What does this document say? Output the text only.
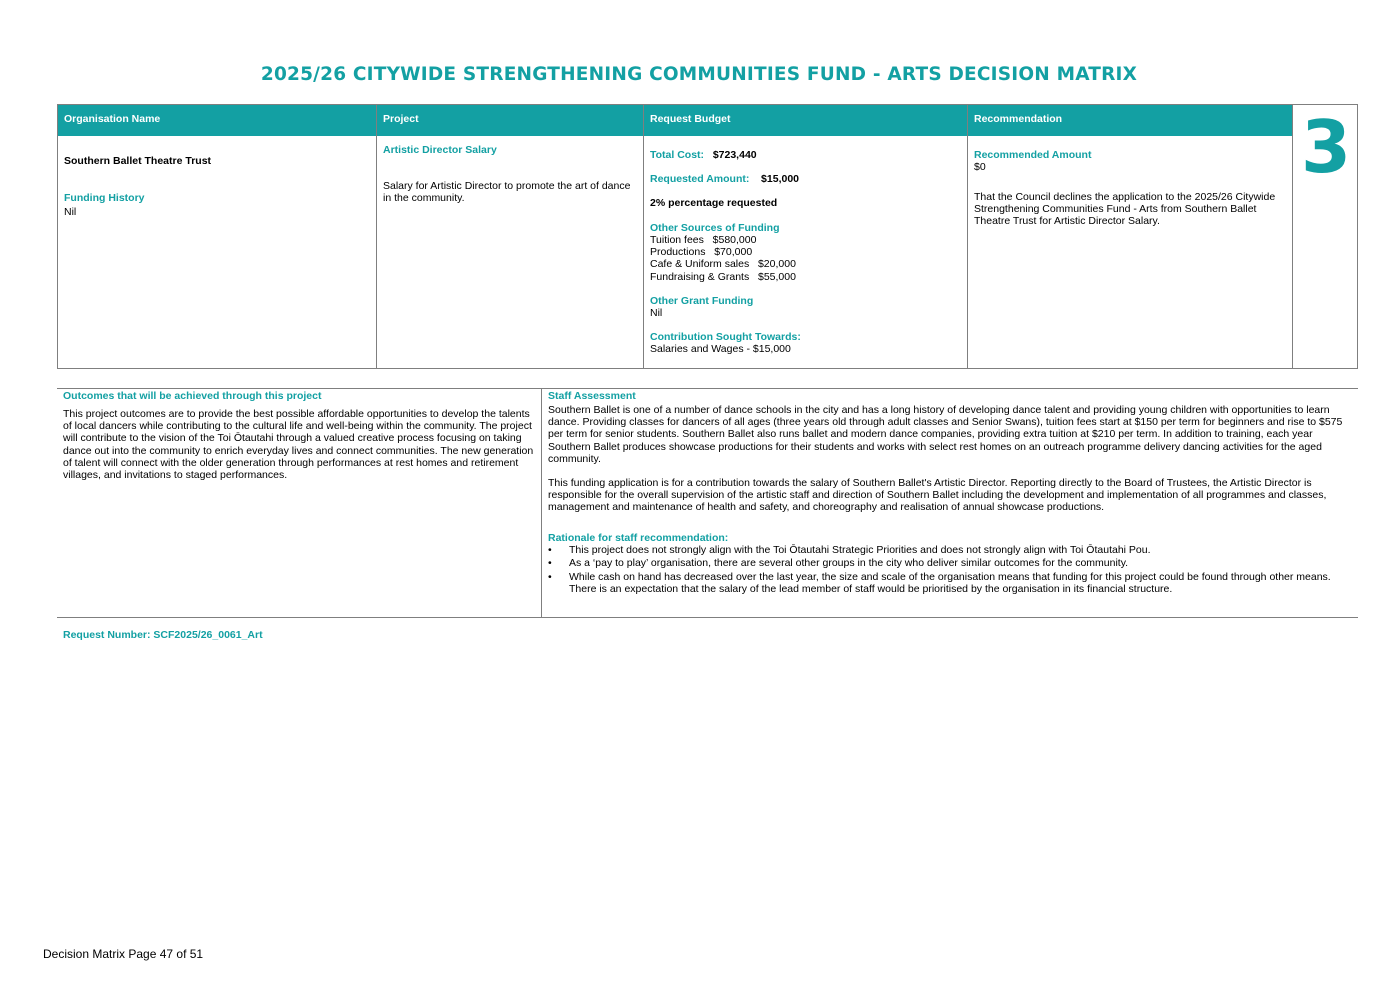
2025/26 CITYWIDE STRENGTHENING COMMUNITIES FUND - ARTS DECISION MATRIX
Organisation Name
Southern Ballet Theatre Trust
Funding History
Nil
Project
Artistic Director Salary
Salary for Artistic Director to promote the art of dance in the community.
Request Budget
Total Cost: $723,440
Requested Amount: $15,000
2% percentage requested
Other Sources of Funding
Tuition fees $580,000
Productions $70,000
Cafe & Uniform sales $20,000
Fundraising & Grants $55,000
Other Grant Funding
Nil
Contribution Sought Towards:
Salaries and Wages - $15,000
Recommendation
Recommended Amount
$0
That the Council declines the application to the 2025/26 Citywide Strengthening Communities Fund - Arts from Southern Ballet Theatre Trust for Artistic Director Salary.
3
Outcomes that will be achieved through this project
This project outcomes are to provide the best possible affordable opportunities to develop the talents of local dancers while contributing to the cultural life and well-being within the community. The project will contribute to the vision of the Toi Ōtautahi through a valued creative process focusing on taking dance out into the community to enrich everyday lives and connect communities. The new generation of talent will connect with the older generation through performances at rest homes and retirement villages, and invitations to staged performances.
Staff Assessment
Southern Ballet is one of a number of dance schools in the city and has a long history of developing dance talent and providing young children with opportunities to learn dance. Providing classes for dancers of all ages (three years old through adult classes and Senior Swans), tuition fees start at $150 per term for beginners and rise to $575 per term for senior students. Southern Ballet also runs ballet and modern dance companies, providing extra tuition at $210 per term. In addition to training, each year Southern Ballet produces showcase productions for their students and works with select rest homes on an outreach programme delivery dancing activities for the aged community.
This funding application is for a contribution towards the salary of Southern Ballet's Artistic Director. Reporting directly to the Board of Trustees, the Artistic Director is responsible for the overall supervision of the artistic staff and direction of Southern Ballet including the development and implementation of all programmes and classes, management and maintenance of health and safety, and choreography and realisation of annual showcase productions.
Rationale for staff recommendation:
• This project does not strongly align with the Toi Ōtautahi Strategic Priorities and does not strongly align with Toi Ōtautahi Pou.
• As a ‘pay to play’ organisation, there are several other groups in the city who deliver similar outcomes for the community.
• While cash on hand has decreased over the last year, the size and scale of the organisation means that funding for this project could be found through other means. There is an expectation that the salary of the lead member of staff would be prioritised by the organisation in its financial structure.
Request Number: SCF2025/26_0061_Art
Decision Matrix Page 47 of 51
